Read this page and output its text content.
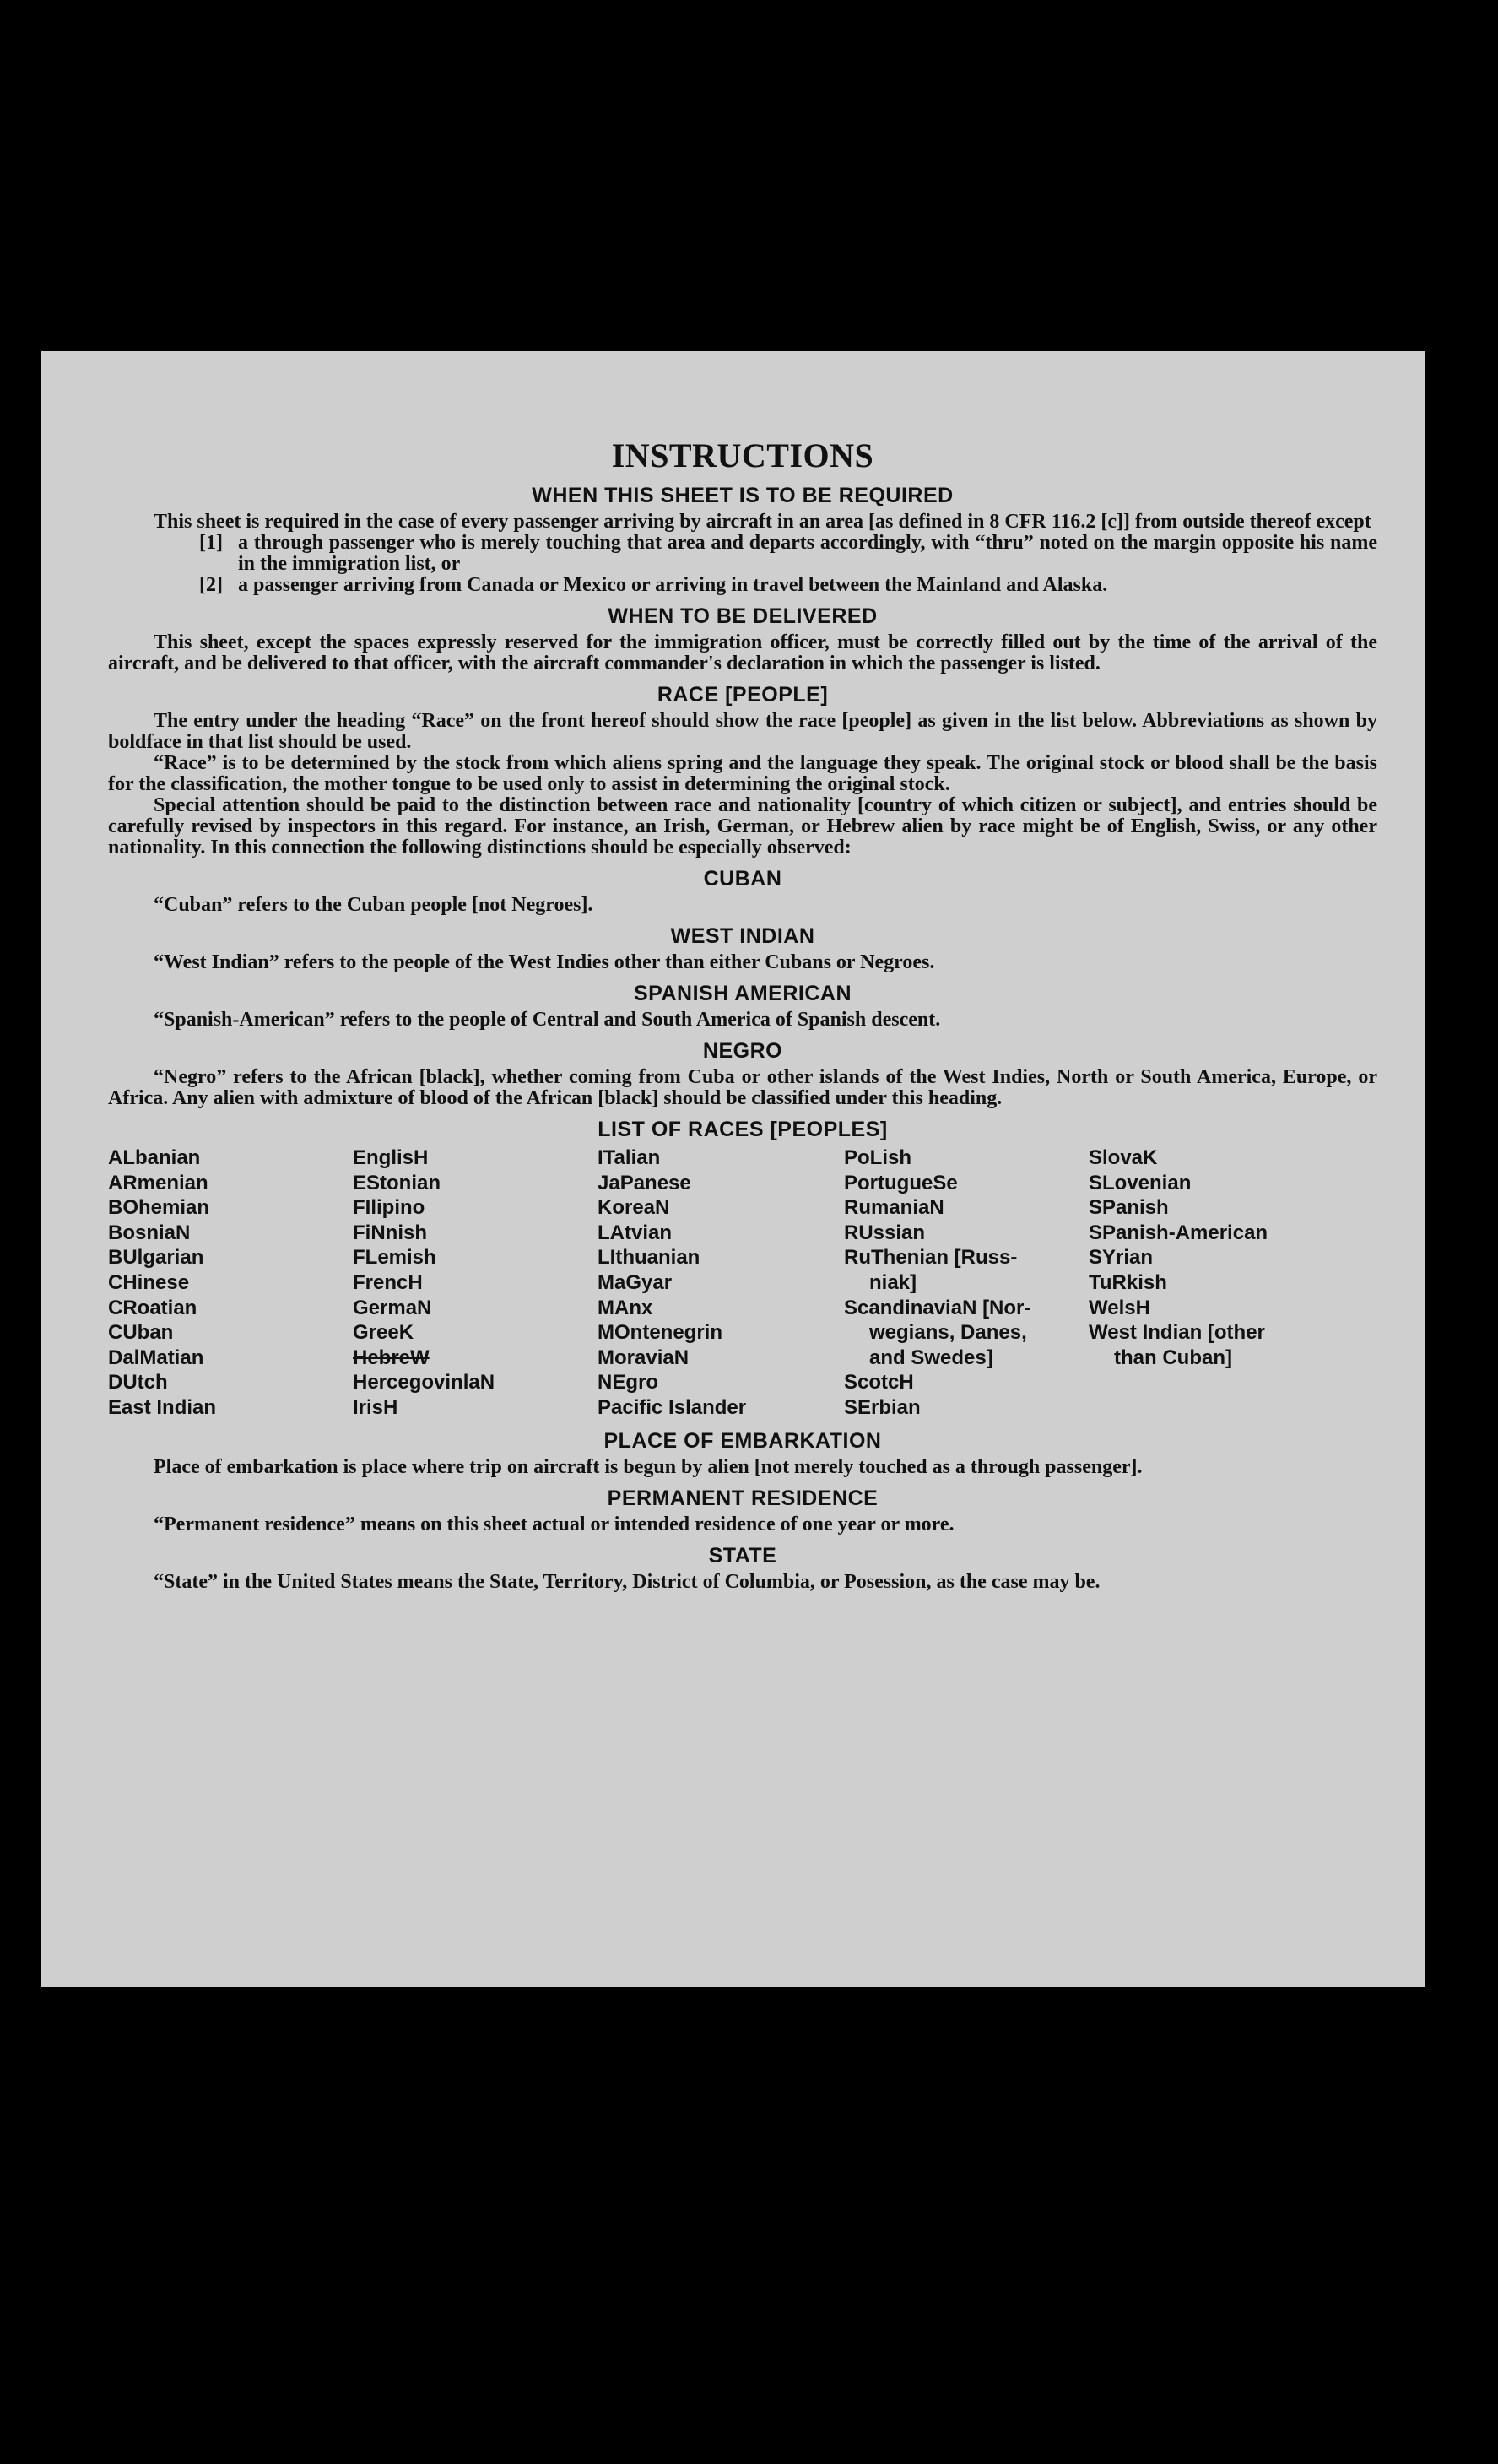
INSTRUCTIONS
WHEN THIS SHEET IS TO BE REQUIRED

This sheet is required in the case of every passenger arriving by aircraft in an area [as defined in 8 CFR 116.2 [c]] from outside thereof except

[1] a through passenger who is merely touching that area and departs accordingly, with “thru” noted on the margin opposite his name in the immigration list, or
[2] a passenger arriving from Canada or Mexico or arriving in travel between the Mainland and Alaska.
WHEN TO BE DELIVERED

This sheet, except the spaces expressly reserved for the immigration officer, must be correctly filled out by the time of the arrival of the aircraft, and be delivered to that officer, with the aircraft commander's declaration in which the passenger is listed.

RACE [PEOPLE]

The entry under the heading “Race” on the front hereof should show the race [people] as given in the list below. Abbreviations as shown by boldface in that list should be used.

“Race” is to be determined by the stock from which aliens spring and the language they speak. The original stock or blood shall be the basis for the classification, the mother tongue to be used only to assist in determining the original stock.

Special attention should be paid to the distinction between race and nationality [country of which citizen or subject], and entries should be carefully revised by inspectors in this regard. For instance, an Irish, German, or Hebrew alien by race might be of English, Swiss, or any other nationality. In this connection the following distinctions should be especially observed:

CUBAN

“Cuban” refers to the Cuban people [not Negroes].

WEST INDIAN

“West Indian” refers to the people of the West Indies other than either Cubans or Negroes.

SPANISH AMERICAN

“Spanish-American” refers to the people of Central and South America of Spanish descent.

NEGRO

“Negro” refers to the African [black], whether coming from Cuba or other islands of the West Indies, North or South America, Europe, or Africa. Any alien with admixture of blood of the African [black] should be classified under this heading.

LIST OF RACES [PEOPLES]
ALbanian
ARmenian
BOhemian
BosniaN
BUlgarian
CHinese
CRoatian
CUban
DalMatian
DUtch
East Indian
EnglisH
EStonian
FIlipino
FiNnish
FLemish
FrencH
GermaN
GreeK
HebreW
HercegovinlaN
IrisH
ITalian
JaPanese
KoreaN
LAtvian
LIthuanian
MaGyar
MAnx
MOntenegrin
MoraviaN
NEgro
Pacific Islander
PoLish
PortugueSe
RumaniaN
RUssian
RuThenian [Russ-
niak]
ScandinaviaN [Nor-
wegians, Danes,
and Swedes]
ScotcH
SErbian
SlovaK
SLovenian
SPanish
SPanish-American
SYrian
TuRkish
WelsH
West Indian [other
than Cuban]
PLACE OF EMBARKATION

Place of embarkation is place where trip on aircraft is begun by alien [not merely touched as a through passenger].

PERMANENT RESIDENCE

“Permanent residence” means on this sheet actual or intended residence of one year or more.

STATE

“State” in the United States means the State, Territory, District of Columbia, or Posession, as the case may be.
